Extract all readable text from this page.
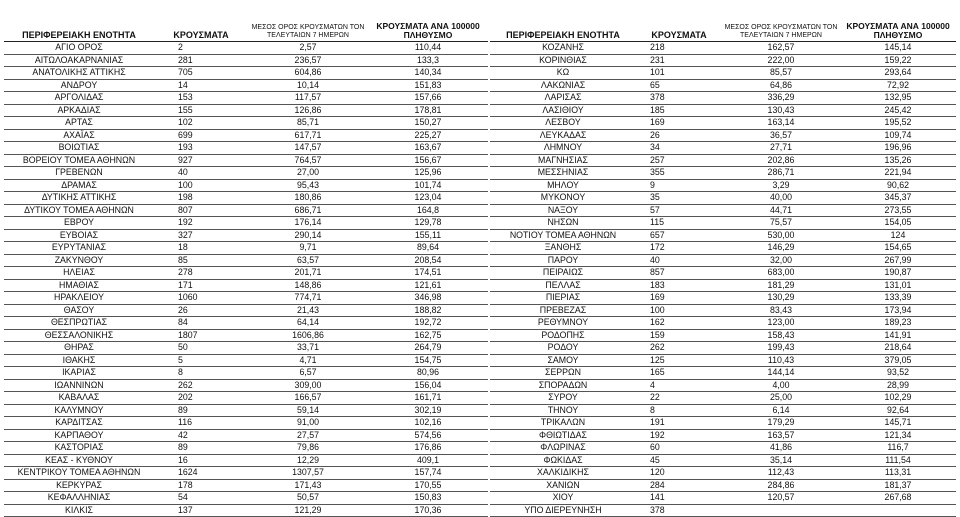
ΠΕΡΙΦΕΡΕΙΑΚΗ ΕΝΟΤΗΤΑ	ΚΡΟΥΣΜΑΤΑ	ΜΕΣΟΣ ΟΡΟΣ ΚΡΟΥΣΜΑΤΩΝ ΤΟΝ ΤΕΛΕΥΤΑΙΩΝ 7 ΗΜΕΡΩΝ	ΚΡΟΥΣΜΑΤΑ ΑΝΑ 100000 ΠΛΗΘΥΣΜΟ
ΑΓΙΟ ΟΡΟΣ	2	2,57	110,44
ΑΙΤΩΛΟΑΚΑΡΝΑΝΙΑΣ	281	236,57	133,3
ΑΝΑΤΟΛΙΚΗΣ ΑΤΤΙΚΗΣ	705	604,86	140,34
ΑΝΔΡΟΥ	14	10,14	151,83
ΑΡΓΟΛΙΔΑΣ	153	117,57	157,66
ΑΡΚΑΔΙΑΣ	155	126,86	178,81
ΑΡΤΑΣ	102	85,71	150,27
ΑΧΑΪΑΣ	699	617,71	225,27
ΒΟΙΩΤΙΑΣ	193	147,57	163,67
ΒΟΡΕΙΟΥ ΤΟΜΕΑ ΑΘΗΝΩΝ	927	764,57	156,67
ΓΡΕΒΕΝΩΝ	40	27,00	125,96
ΔΡΑΜΑΣ	100	95,43	101,74
ΔΥΤΙΚΗΣ ΑΤΤΙΚΗΣ	198	180,86	123,04
ΔΥΤΙΚΟΥ ΤΟΜΕΑ ΑΘΗΝΩΝ	807	686,71	164,8
ΕΒΡΟΥ	192	176,14	129,78
ΕΥΒΟΙΑΣ	327	290,14	155,11
ΕΥΡΥΤΑΝΙΑΣ	18	9,71	89,64
ΖΑΚΥΝΘΟΥ	85	63,57	208,54
ΗΛΕΙΑΣ	278	201,71	174,51
ΗΜΑΘΙΑΣ	171	148,86	121,61
ΗΡΑΚΛΕΙΟΥ	1060	774,71	346,98
ΘΑΣΟΥ	26	21,43	188,82
ΘΕΣΠΡΩΤΙΑΣ	84	64,14	192,72
ΘΕΣΣΑΛΟΝΙΚΗΣ	1807	1606,86	162,75
ΘΗΡΑΣ	50	33,71	264,79
ΙΘΑΚΗΣ	5	4,71	154,75
ΙΚΑΡΙΑΣ	8	6,57	80,96
ΙΩΑΝΝΙΝΩΝ	262	309,00	156,04
ΚΑΒΑΛΑΣ	202	166,57	161,71
ΚΑΛΥΜΝΟΥ	89	59,14	302,19
ΚΑΡΔΙΤΣΑΣ	116	91,00	102,16
ΚΑΡΠΑΘΟΥ	42	27,57	574,56
ΚΑΣΤΟΡΙΑΣ	89	79,86	176,86
ΚΕΑΣ - ΚΥΘΝΟΥ	16	12,29	409,1
ΚΕΝΤΡΙΚΟΥ ΤΟΜΕΑ ΑΘΗΝΩΝ	1624	1307,57	157,74
ΚΕΡΚΥΡΑΣ	178	171,43	170,55
ΚΕΦΑΛΛΗΝΙΑΣ	54	50,57	150,83
ΚΙΛΚΙΣ	137	121,29	170,36
ΠΕΡΙΦΕΡΕΙΑΚΗ ΕΝΟΤΗΤΑ	ΚΡΟΥΣΜΑΤΑ	ΜΕΣΟΣ ΟΡΟΣ ΚΡΟΥΣΜΑΤΩΝ ΤΟΝ ΤΕΛΕΥΤΑΙΩΝ 7 ΗΜΕΡΩΝ	ΚΡΟΥΣΜΑΤΑ ΑΝΑ 100000 ΠΛΗΘΥΣΜΟ
ΚΟΖΑΝΗΣ	218	162,57	145,14
ΚΟΡΙΝΘΙΑΣ	231	222,00	159,22
ΚΩ	101	85,57	293,64
ΛΑΚΩΝΙΑΣ	65	64,86	72,92
ΛΑΡΙΣΑΣ	378	336,29	132,95
ΛΑΣΙΘΙΟΥ	185	130,43	245,42
ΛΕΣΒΟΥ	169	163,14	195,52
ΛΕΥΚΑΔΑΣ	26	36,57	109,74
ΛΗΜΝΟΥ	34	27,71	196,96
ΜΑΓΝΗΣΙΑΣ	257	202,86	135,26
ΜΕΣΣΗΝΙΑΣ	355	286,71	221,94
ΜΗΛΟΥ	9	3,29	90,62
ΜΥΚΟΝΟΥ	35	40,00	345,37
ΝΑΞΟΥ	57	44,71	273,55
ΝΗΣΩΝ	115	75,57	154,05
ΝΟΤΙΟΥ ΤΟΜΕΑ ΑΘΗΝΩΝ	657	530,00	124
ΞΑΝΘΗΣ	172	146,29	154,65
ΠΑΡΟΥ	40	32,00	267,99
ΠΕΙΡΑΙΩΣ	857	683,00	190,87
ΠΕΛΛΑΣ	183	181,29	131,01
ΠΙΕΡΙΑΣ	169	130,29	133,39
ΠΡΕΒΕΖΑΣ	100	83,43	173,94
ΡΕΘΥΜΝΟΥ	162	123,00	189,23
ΡΟΔΟΠΗΣ	159	158,43	141,91
ΡΟΔΟΥ	262	199,43	218,64
ΣΑΜΟΥ	125	110,43	379,05
ΣΕΡΡΩΝ	165	144,14	93,52
ΣΠΟΡΑΔΩΝ	4	4,00	28,99
ΣΥΡΟΥ	22	25,00	102,29
ΤΗΝΟΥ	8	6,14	92,64
ΤΡΙΚΑΛΩΝ	191	179,29	145,71
ΦΘΙΩΤΙΔΑΣ	192	163,57	121,34
ΦΛΩΡΙΝΑΣ	60	41,86	116,7
ΦΩΚΙΔΑΣ	45	35,14	111,54
ΧΑΛΚΙΔΙΚΗΣ	120	112,43	113,31
ΧΑΝΙΩΝ	284	284,86	181,37
ΧΙΟΥ	141	120,57	267,68
ΥΠΟ ΔΙΕΡΕΥΝΗΣΗ	378		
